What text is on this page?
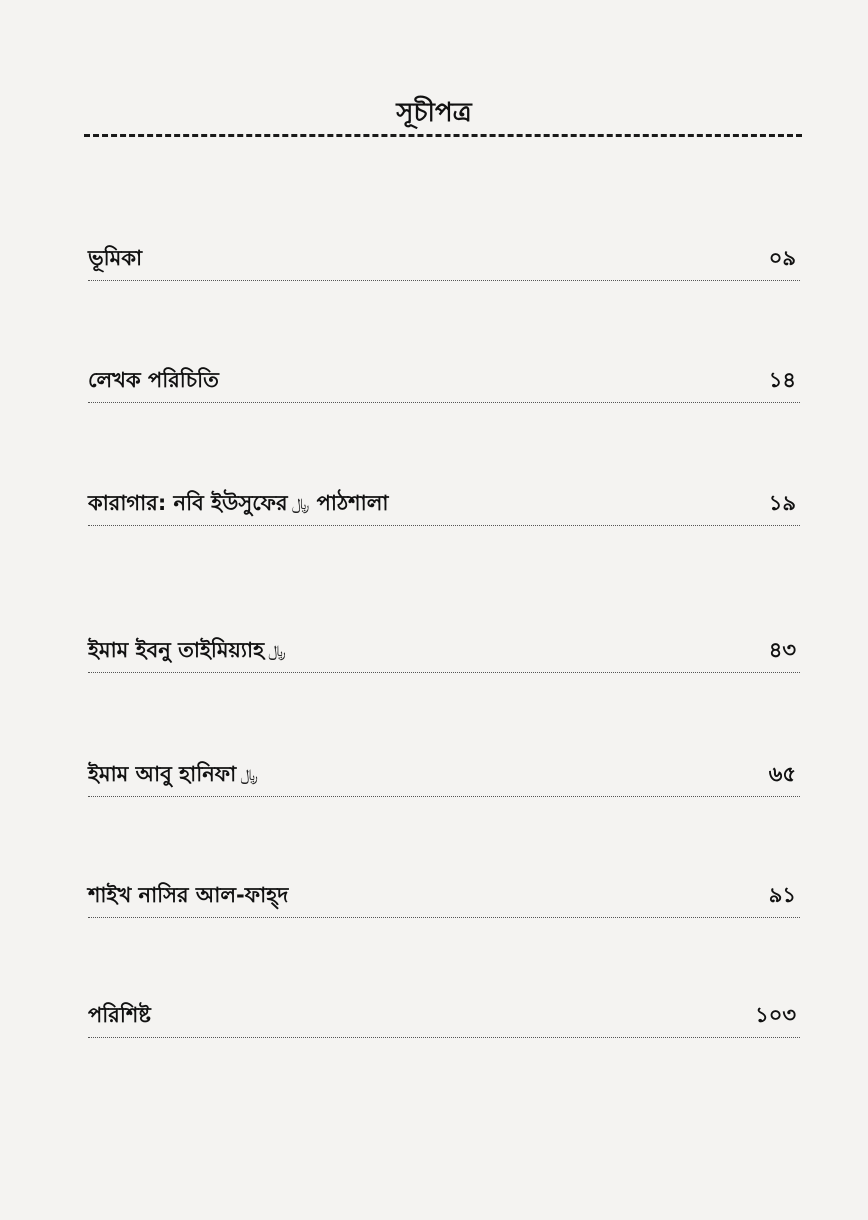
সূচীপত্র
ভূমিকা	০৯
লেখক পরিচিতি	১৪
কারাগার: নবি ইউসুফের ﷼ পাঠশালা	১৯
ইমাম ইবনু তাইমিয়্যাহ ﷼	৪৩
ইমাম আবু হানিফা ﷼	৬৫
শাইখ নাসির আল-ফাহ্দ	৯১
পরিশিষ্ট	১০৩
